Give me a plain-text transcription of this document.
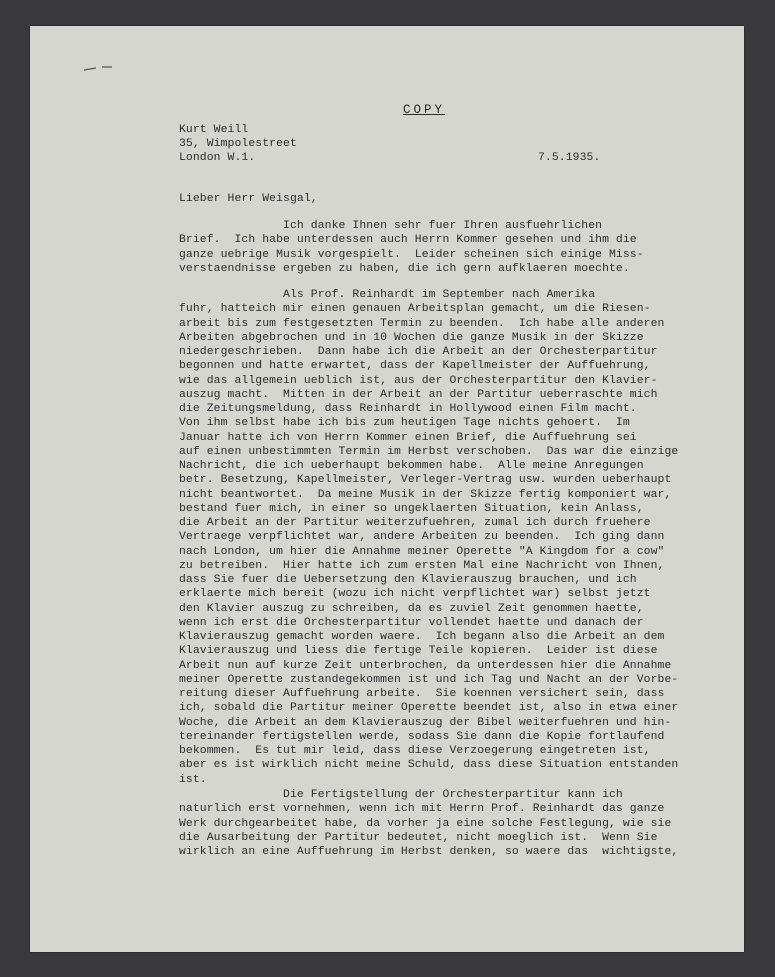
COPY
Kurt Weill
35, Wimpolestreet
London W.1.	7.5.1935.
Lieber Herr Weisgal,
Ich danke Ihnen sehr fuer Ihren ausfuehrlichen
Brief.  Ich habe unterdessen auch Herrn Kommer gesehen und ihm die
ganze uebrige Musik vorgespielt.  Leider scheinen sich einige Miss-
verstaendnisse ergeben zu haben, die ich gern aufklaeren moechte.
Als Prof. Reinhardt im September nach Amerika
fuhr, hatteich mir einen genauen Arbeitsplan gemacht, um die Riesen-
arbeit bis zum festgesetzten Termin zu beenden.  Ich habe alle anderen
Arbeiten abgebrochen und in 10 Wochen die ganze Musik in der Skizze
niedergeschrieben.  Dann habe ich die Arbeit an der Orchesterpartitur
begonnen und hatte erwartet, dass der Kapellmeister der Auffuehrung,
wie das allgemein ueblich ist, aus der Orchesterpartitur den Klavier-
auszug macht.  Mitten in der Arbeit an der Partitur ueberraschte mich
die Zeitungsmeldung, dass Reinhardt in Hollywood einen Film macht.
Von ihm selbst habe ich bis zum heutigen Tage nichts gehoert.  Im
Januar hatte ich von Herrn Kommer einen Brief, die Auffuehrung sei
auf einen unbestimmten Termin im Herbst verschoben.  Das war die einzige
Nachricht, die ich ueberhaupt bekommen habe.  Alle meine Anregungen
betr. Besetzung, Kapellmeister, Verleger-Vertrag usw. wurden ueberhaupt
nicht beantwortet.  Da meine Musik in der Skizze fertig komponiert war,
bestand fuer mich, in einer so ungeklaerten Situation, kein Anlass,
die Arbeit an der Partitur weiterzufuehren, zumal ich durch fruehere
Vertraege verpflichtet war, andere Arbeiten zu beenden.  Ich ging dann
nach London, um hier die Annahme meiner Operette "A Kingdom for a cow"
zu betreiben.  Hier hatte ich zum ersten Mal eine Nachricht von Ihnen,
dass Sie fuer die Uebersetzung den Klavierauszug brauchen, und ich
erklaerte mich bereit (wozu ich nicht verpflichtet war) selbst jetzt
den Klavier auszug zu schreiben, da es zuviel Zeit genommen haette,
wenn ich erst die Orchesterpartitur vollendet haette und danach der
Klavierauszug gemacht worden waere.  Ich begann also die Arbeit an dem
Klavierauszug und liess die fertige Teile kopieren.  Leider ist diese
Arbeit nun auf kurze Zeit unterbrochen, da unterdessen hier die Annahme
meiner Operette zustandegekommen ist und ich Tag und Nacht an der Vorbe-
reitung dieser Auffuehrung arbeite.  Sie koennen versichert sein, dass
ich, sobald die Partitur meiner Operette beendet ist, also in etwa einer
Woche, die Arbeit an dem Klavierauszug der Bibel weiterfuehren und hin-
tereinander fertigstellen werde, sodass Sie dann die Kopie fortlaufend
bekommen.  Es tut mir leid, dass diese Verzoegerung eingetreten ist,
aber es ist wirklich nicht meine Schuld, dass diese Situation entstanden
ist.
Die Fertigstellung der Orchesterpartitur kann ich
naturlich erst vornehmen, wenn ich mit Herrn Prof. Reinhardt das ganze
Werk durchgearbeitet habe, da vorher ja eine solche Festlegung, wie sie
die Ausarbeitung der Partitur bedeutet, nicht moeglich ist.  Wenn Sie
wirklich an eine Auffuehrung im Herbst denken, so waere das  wichtigste,
